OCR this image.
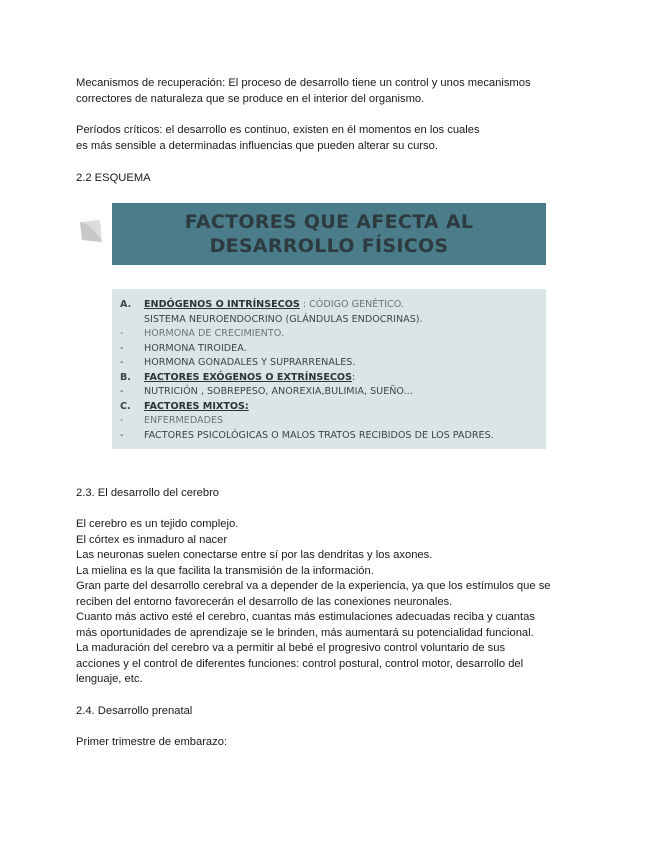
Mecanismos de recuperación: El proceso de desarrollo tiene un control y unos mecanismos
correctores de naturaleza que se produce en el interior del organismo.

Períodos críticos: el desarrollo es continuo, existen en él momentos en los cuales
es más sensible a determinadas influencias que pueden alterar su curso.

2.2 ESQUEMA

FACTORES QUE AFECTA AL
DESARROLLO FÍSICOS
A.	ENDÓGENOS O INTRÍNSECOS : CÓDIGO GENÉTICO.
SISTEMA NEUROENDOCRINO (GLÁNDULAS ENDOCRINAS).
-	HORMONA DE CRECIMIENTO.
-	HORMONA TIROIDEA.
-	HORMONA GONADALES Y SUPRARRENALES.
B.	FACTORES EXÓGENOS O EXTRÍNSECOS:
-	NUTRICIÓN , SOBREPESO, ANOREXIA,BULIMIA, SUEÑO...
C.	FACTORES MIXTOS:
-	ENFERMEDADES
-	FACTORES PSICOLÓGICAS O MALOS TRATOS RECIBIDOS DE LOS PADRES.

2.3. El desarrollo del cerebro

El cerebro es un tejido complejo.
El córtex es inmaduro al nacer
Las neuronas suelen conectarse entre sí por las dendritas y los axones.
La mielina es la que facilita la transmisión de la información.
Gran parte del desarrollo cerebral va a depender de la experiencia, ya que los estímulos que se
reciben del entorno favorecerán el desarrollo de las conexiones neuronales.
Cuanto más activo esté el cerebro, cuantas más estimulaciones adecuadas reciba y cuantas
más oportunidades de aprendizaje se le brinden, más aumentará su potencialidad funcional.
La maduración del cerebro va a permitir al bebé el progresivo control voluntario de sus
acciones y el control de diferentes funciones: control postural, control motor, desarrollo del
lenguaje, etc.

2.4. Desarrollo prenatal

Primer trimestre de embarazo:
